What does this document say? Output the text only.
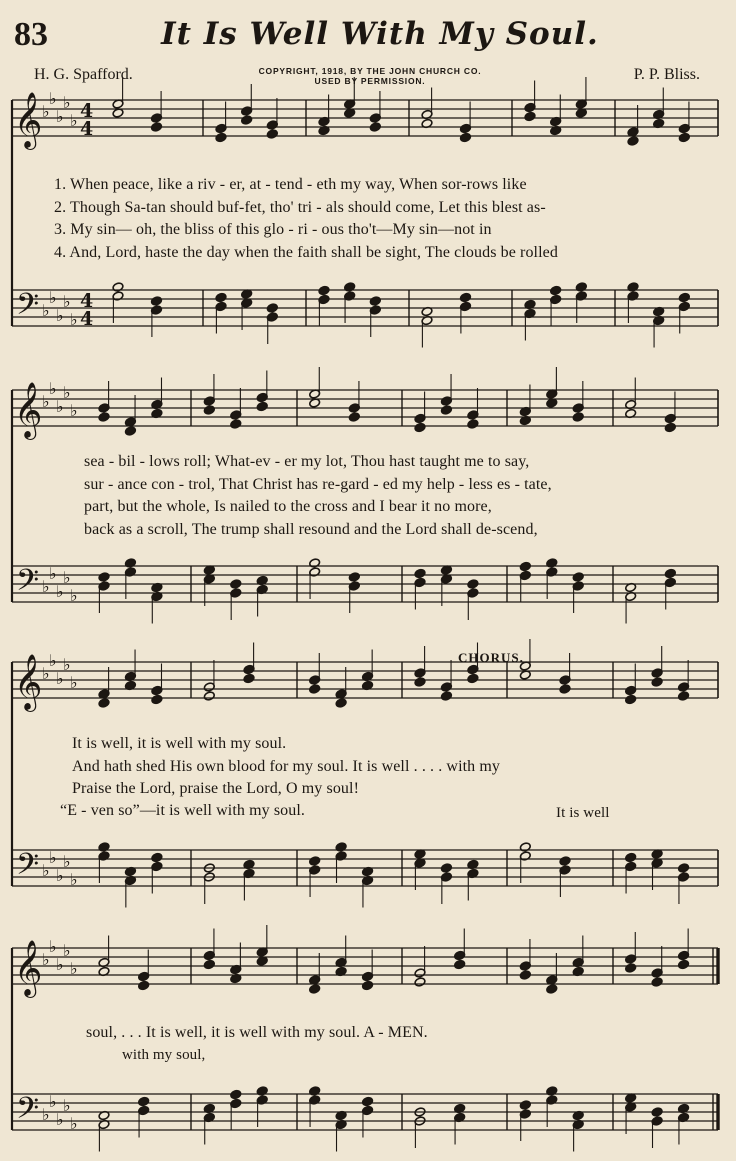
83	It Is Well With My Soul.
H. G. Spafford.	COPYRIGHT, 1918, BY THE JOHN CHURCH CO.
USED BY PERMISSION.	P. P. Bliss.
𝄞
𝄢
♭
♭
♭
♭
♭
♭
♭
♭
♭
♭
4
4
4
4
𝄞
𝄢
♭
♭
♭
♭
♭
♭
♭
♭
♭
♭
𝄞
𝄢
♭
♭
♭
♭
♭
♭
♭
♭
♭
♭
𝄞
𝄢
♭
♭
♭
♭
♭
♭
♭
♭
♭
♭
1. When peace, like a riv - er, at - tend - eth my way, When sor-rows like
2. Though Sa-tan should buf-fet, tho' tri - als should come, Let this blest as-
3. My sin— oh, the bliss of this glo - ri - ous tho't—My sin—not in
4. And, Lord, haste the day when the faith shall be sight, The clouds be rolled
sea - bil - lows roll; What-ev - er my lot, Thou hast taught me to say,
sur - ance con - trol, That Christ has re-gard - ed my help - less es - tate,
part, but the whole, Is nailed to the cross and I bear it no more,
back as a scroll, The trump shall resound and the Lord shall de-scend,
CHORUS.
It is well, it is well with my soul.
And hath shed His own blood for my soul. It is well . . . . with my
Praise the Lord, praise the Lord, O my soul!
“E - ven so”—it is well with my soul.	It is well
soul, . . . It is well, it is well with my soul. A - MEN.
with my soul,
